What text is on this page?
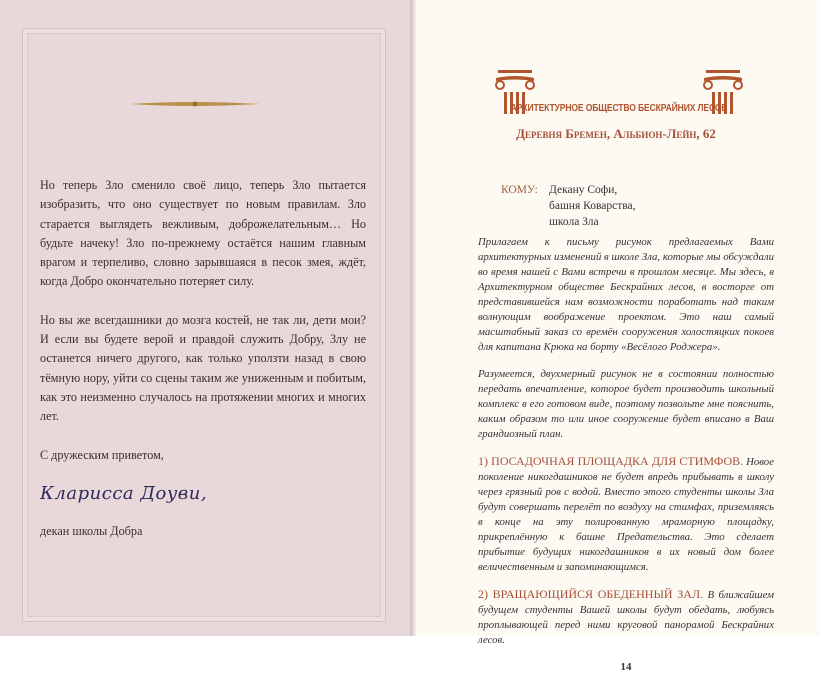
Но теперь Зло сменило своё лицо, теперь Зло пытается изобразить, что оно существует по новым правилам. Зло старается выглядеть вежливым, доброжелательным… Но будьте начеку! Зло по-прежнему остаётся нашим главным врагом и терпеливо, словно зарывшаяся в песок змея, ждёт, когда Добро окончательно потеряет силу.

Но вы же всегдашники до мозга костей, не так ли, дети мои? И если вы будете верой и правдой служить Добру, Злу не останется ничего другого, как только уползти назад в свою тёмную нору, уйти со сцены таким же униженным и побитым, как это неизменно случалось на протяжении многих и многих лет.

С дружеским приветом,

Кларисса Доуви,

декан школы Добра

АРХИТЕКТУРНОЕ ОБЩЕСТВО БЕСКРАЙНИХ ЛЕСОВ
Деревня Бремен, Альбион-Лейн, 62
КОМУ: Декану Софи,
башня Коварства,
школа Зла

Прилагаем к письму рисунок предлагаемых Вами архитектурных изменений в школе Зла, которые мы обсуждали во время нашей с Вами встречи в прошлом месяце. Мы здесь, в Архитектурном обществе Бескрайних лесов, в восторге от представившейся нам возможности поработать над таким волнующим воображение проектом. Это наш самый масштабный заказ со времён сооружения холостяцких покоев для капитана Крюка на борту «Весёлого Роджера».

Разумеется, двухмерный рисунок не в состоянии полностью передать впечатление, которое будет производить школьный комплекс в его готовом виде, поэтому позвольте мне пояснить, каким образом то или иное сооружение будет вписано в Ваш грандиозный план.

1) ПОСАДОЧНАЯ ПЛОЩАДКА ДЛЯ СТИМФОВ. Новое поколение никогдашников не будет впредь прибывать в школу через грязный ров с водой. Вместо этого студенты школы Зла будут совершать перелёт по воздуху на стимфах, приземляясь в конце на эту полированную мраморную площадку, прикреплённую к башне Предательства. Это сделает прибытие будущих никогдашников в их новый дом более величественным и запоминающимся.

2) ВРАЩАЮЩИЙСЯ ОБЕДЕННЫЙ ЗАЛ. В ближайшем будущем студенты Вашей школы будут обедать, любуясь проплывающей перед ними круговой панорамой Бескрайних лесов.

14
